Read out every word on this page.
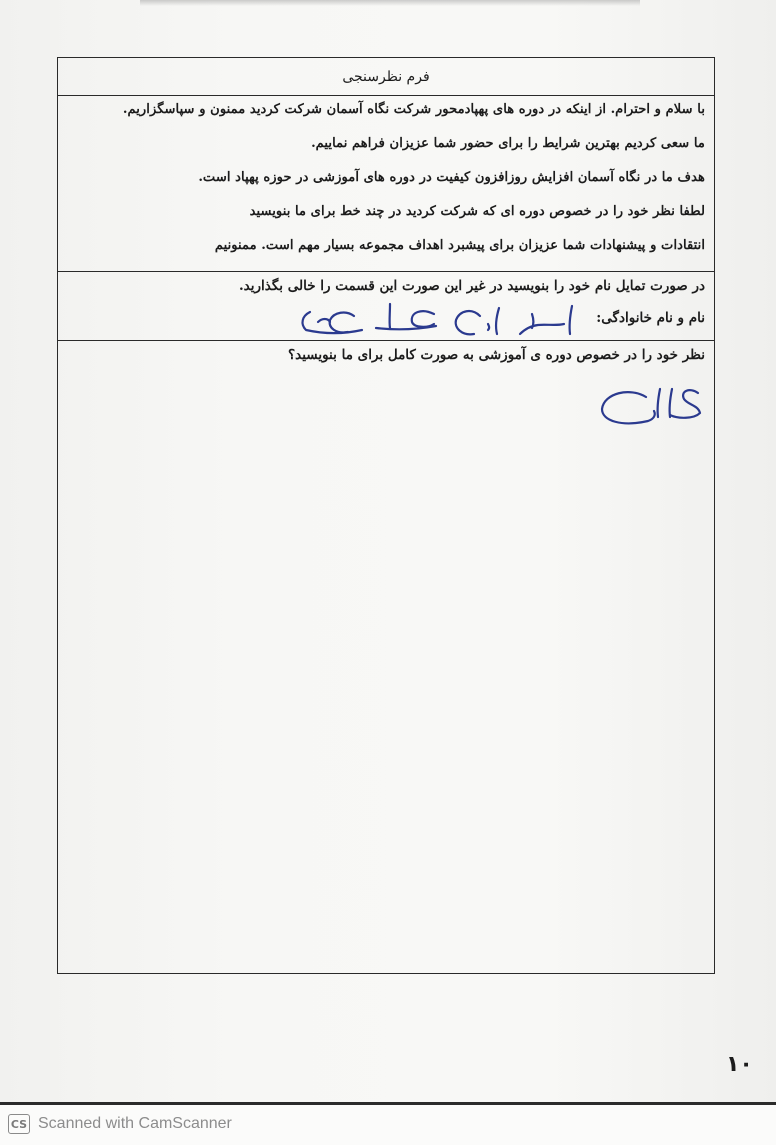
فرم نظرسنجی
با سلام و احترام. از اینکه در دوره های پهپادمحور شرکت نگاه آسمان شرکت کردید ممنون و سپاسگزاریم.
ما سعی کردیم بهترین شرایط را برای حضور شما عزیزان فراهم نماییم.
هدف ما در نگاه آسمان افزایش روزافزون کیفیت در دوره های آموزشی در حوزه پهپاد است.
لطفا نظر خود را در خصوص دوره ای که شرکت کردید در چند خط برای ما بنویسید
انتقادات و پیشنهادات شما عزیزان برای پیشبرد اهداف مجموعه بسیار مهم است. ممنونیم
در صورت تمایل نام خود را بنویسید در غیر این صورت این قسمت را خالی بگذارید.
نام و نام خانوادگی:
نظر خود را در خصوص دوره ی آموزشی به صورت کامل برای ما بنویسید؟
۱۰
CS Scanned with CamScanner
